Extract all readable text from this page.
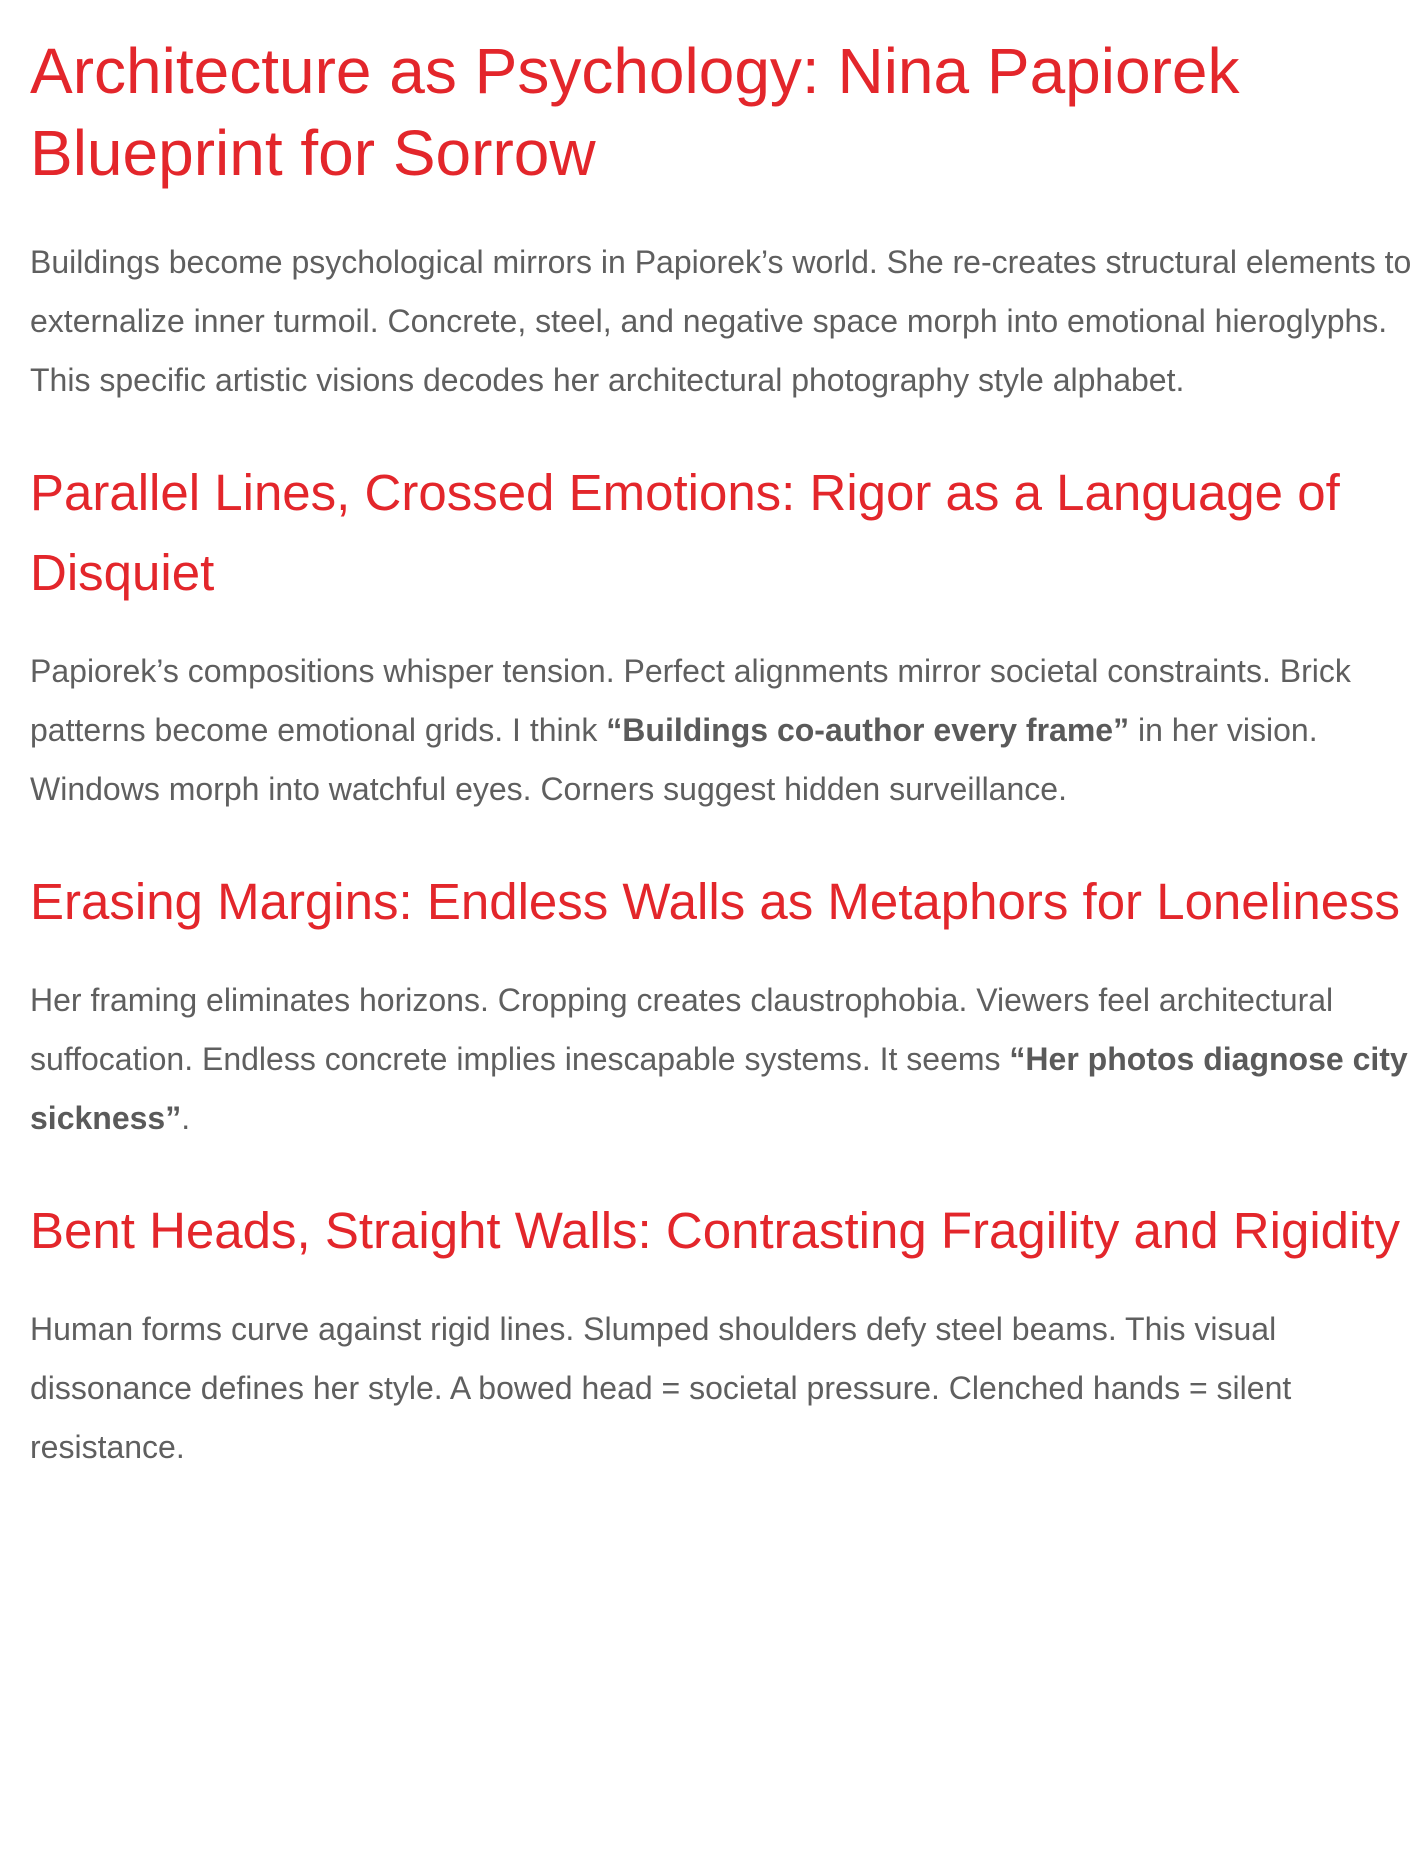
Architecture as Psychology: Nina Papiorek Blueprint for Sorrow

Buildings become psychological mirrors in Papiorek’s world. She re-creates structural elements to externalize inner turmoil. Concrete, steel, and negative space morph into emotional hieroglyphs. This specific artistic visions decodes her architectural photography style alphabet.

Parallel Lines, Crossed Emotions: Rigor as a Language of Disquiet

Papiorek’s compositions whisper tension. Perfect alignments mirror societal constraints. Brick patterns become emotional grids. I think “Buildings co-author every frame” in her vision. Windows morph into watchful eyes. Corners suggest hidden surveillance.

Erasing Margins: Endless Walls as Metaphors for Loneliness

Her framing eliminates horizons. Cropping creates claustrophobia. Viewers feel architectural suffocation. Endless concrete implies inescapable systems. It seems “Her photos diagnose city sickness”.

Bent Heads, Straight Walls: Contrasting Fragility and Rigidity

Human forms curve against rigid lines. Slumped shoulders defy steel beams. This visual dissonance defines her style. A bowed head = societal pressure. Clenched hands = silent resistance.
